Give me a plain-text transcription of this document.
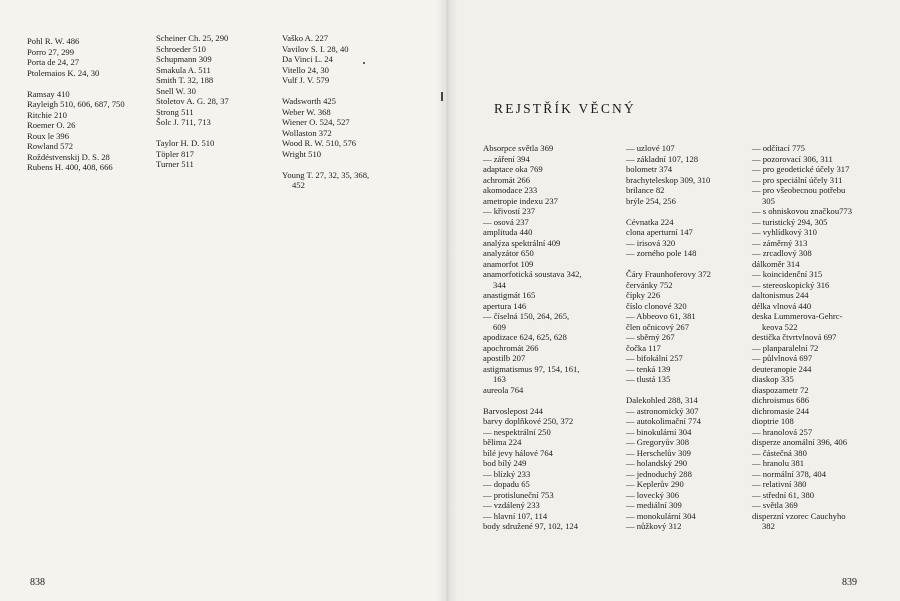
Pohl R. W. 486
Porro 27, 299
Porta de 24, 27
Ptolemaios K. 24, 30
Ramsay 410
Rayleigh 510, 606, 687, 750
Ritchie 210
Roemer O. 26
Roux le 396
Rowland 572
Roždéstvenskij D. S. 28
Rubens H. 400, 408, 666
Scheiner Ch. 25, 290
Schroeder 510
Schupmann 309
Smakula A. 511
Smith T. 32, 188
Snell W. 30
Stoletov A. G. 28, 37
Strong 511
Šolc J. 711, 713
Taylor H. D. 510
Töpler 817
Turner 511
Vaško A. 227
Vavilov S. I. 28, 40
Da Vinci L. 24
Vitello 24, 30
Vulf J. V. 579
Wadsworth 425
Weber W. 368
Wiener O. 524, 527
Wollaston 372
Wood R. W. 510, 576
Wright 510
Young T. 27, 32, 35, 368,
452
838
REJSTŘÍK VĚCNÝ
Absorpce světla 369
— záření 394
adaptace oka 769
achromát 266
akomodace 233
ametropie indexu 237
— křivostí 237
— osová 237
amplituda 440
analýza spektrální 409
analyzátor 650
anamorfot 109
anamorfotická soustava 342,
344
anastigmát 165
apertura 146
— číselná 150, 264, 265,
609
apodizace 624, 625, 628
apochromát 266
apostilb 207
astigmatismus 97, 154, 161,
163
aureola 764
Barvoslepost 244
barvy doplňkové 250, 372
— nespektrální 250
bělima 224
bílé jevy hálové 764
bod bílý 249
— blízký 233
— dopadu 65
— protisluneční 753
— vzdálený 233
— hlavní 107, 114
body sdružené 97, 102, 124
— uzlové 107
— základní 107, 128
bolometr 374
brachyteleskop 309, 310
brilance 82
brýle 254, 256
Cévnatka 224
clona aperturní 147
— irisová 320
— zorného pole 148
Čáry Fraunhoferovy 372
červánky 752
čípky 226
číslo clonové 320
— Abbeovo 61, 381
člen očnicový 267
— sběrný 267
čočka 117
— bifokální 257
— tenká 139
— tlustá 135
Dalekohled 288, 314
— astronomický 307
— autokolimační 774
— binokulární 304
— Gregoryův 308
— Herschelův 309
— holandský 290
— jednoduchý 288
— Keplerův 290
— lovecký 306
— mediální 309
— monokulární 304
— nůžkový 312
— odčítací 775
— pozorovací 306, 311
— pro geodetické účely 317
— pro speciální účely 311
— pro všeobecnou potřebu
305
— s ohniskovou značkou773
— turistický 294, 305
— vyhlídkový 310
— záměrný 313
— zrcadlový 308
dálkoměr 314
— koincidenční 315
— stereoskopický 316
daltonismus 244
délka vlnová 440
deska Lummerova-Gehrc-
keova 522
destička čtvrtvlnová 697
— planparalelní 72
— půlvlnová 697
deuteranopie 244
diaskop 335
diaspozametr 72
dichroismus 686
dichromasie 244
dioptrie 108
— hranolová 257
disperze anomální 396, 406
— částečná 380
— hranolu 381
— normální 378, 404
— relativní 380
— střední 61, 380
— světla 369
disperzní vzorec Cauchyho
382
839
